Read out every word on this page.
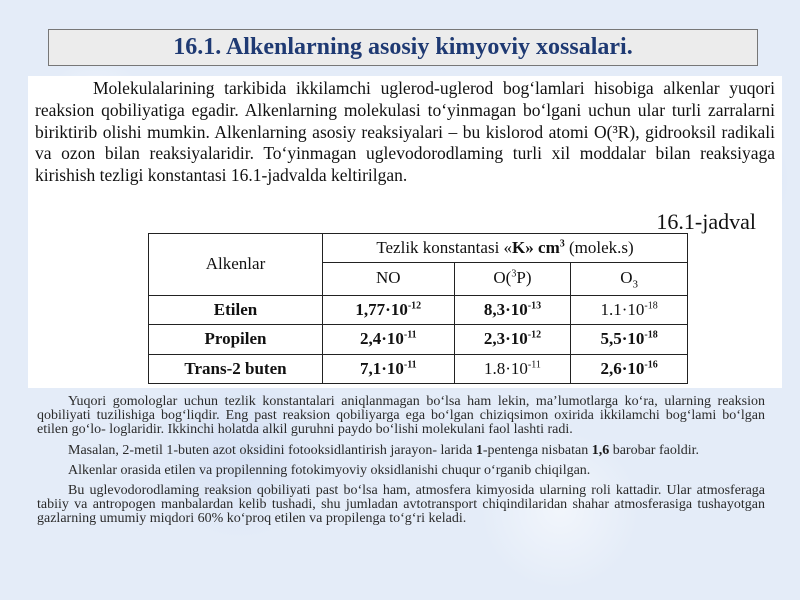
16.1. Alkenlarning asosiy kimyoviy xossalari.

Molekulalarining tarkibida ikkilamchi uglerod-uglerod bog‘lamlari hisobiga alkenlar yuqori reaksion qobiliyatiga egadir. Alkenlarning molekulasi to‘yinmagan bo‘lgani uchun ular turli zarralarni biriktirib olishi mumkin. Alkenlarning asosiy reaksiyalari – bu kislorod atomi O(³R), gidrooksil radikali va ozon bilan reaksiyalaridir. To‘yinmagan uglevodorodlaming turli xil moddalar bilan reaksiyaga kirishish tezligi konstantasi 16.1-jadvalda keltirilgan.

16.1-jadval
Alkenlar	Tezlik konstantasi «K» $cm^3$ (molek.s)		
	NO	O($^3$P)	$O_3$
Etilen	$1,77\cdot 10^{-12}$	$8,3\cdot 10^{-13}$	$1.1\cdot 10^{-18}$
Propilen	$2,4\cdot 10^{-11}$	$2,3\cdot 10^{-12}$	$5,5\cdot 10^{-18}$
Trans-2 buten	$7,1\cdot 10^{-11}$	$1.8\cdot 10^{-11}$	$2,6\cdot 10^{-16}$

Yuqori gomologlar uchun tezlik konstantalari aniqlanmagan bo‘lsa ham lekin, ma’lumotlarga ko‘ra, ularning reaksion qobiliyati tuzilishiga bog‘liqdir. Eng past reaksion qobiliyarga ega bo‘lgan chiziqsimon oxirida ikkilamchi bog‘lami bo‘lgan etilen go‘lo- loglaridir. Ikkinchi holatda alkil guruhni paydo bo‘lishi molekulani faol lashti radi.

Masalan, 2-metil 1-buten azot oksidini fotooksidlantirish jarayon- larida 1-pentenga nisbatan 1,6 barobar faoldir.

Alkenlar orasida etilen va propilenning fotokimyoviy oksidlanishi chuqur o‘rganib chiqilgan.

Bu uglevodorodlaming reaksion qobiliyati past bo‘lsa ham, atmosfera kimyosida ularning roli kattadir. Ular atmosferaga tabiiy va antropogen manbalardan kelib tushadi, shu jumladan avtotransport chiqindilaridan shahar atmosferasiga tushayotgan gazlarning umumiy miqdori 60% ko‘proq etilen va propilenga to‘g‘ri keladi.
